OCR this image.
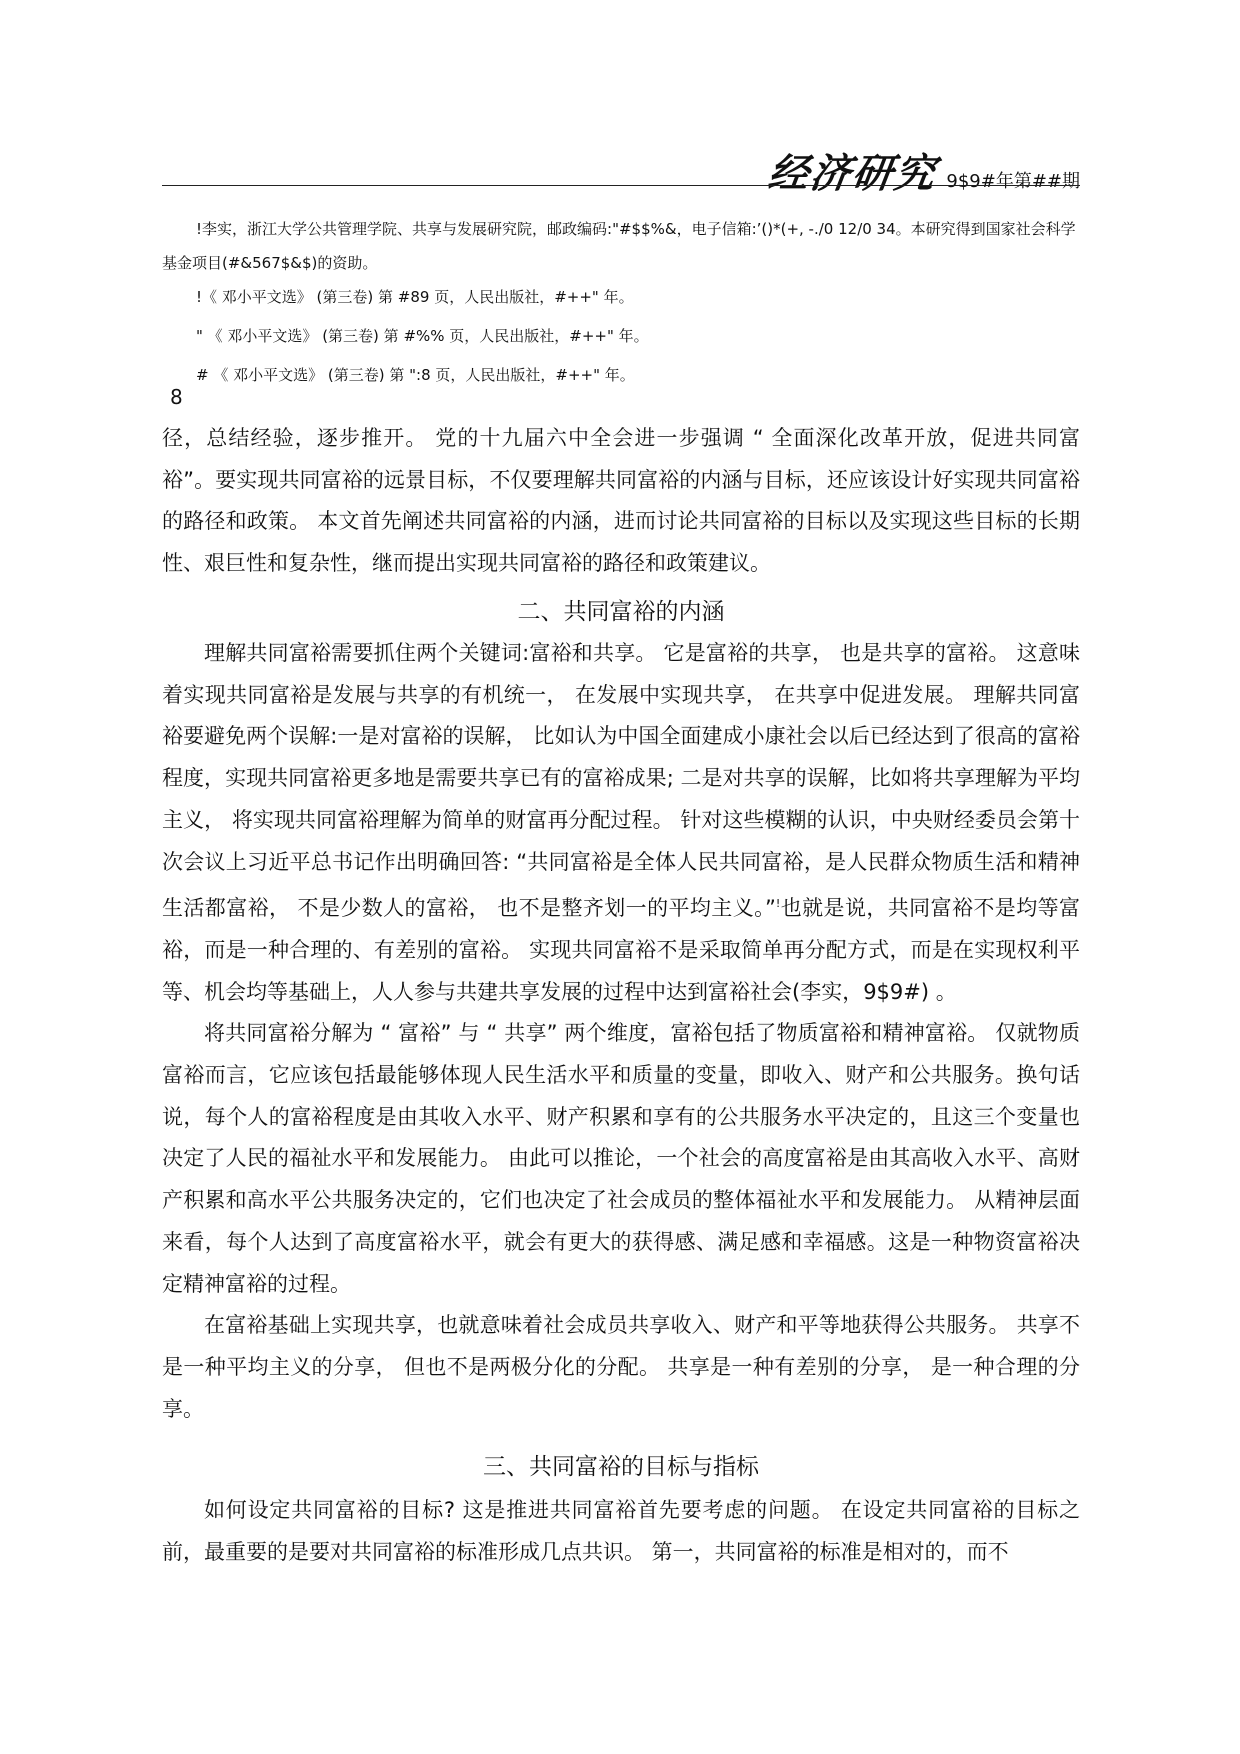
经济研究 9$9#年第##期

!李实，浙江大学公共管理学院、共享与发展研究院，邮政编码:"#$$%&，电子信箱:’()*(+, -./0 12/0 34。本研究得到国家社会科学基金项目(#&567$&$)的资助。

!《 邓小平文选》 (第三卷) 第 #89 页，人民出版社，#++" 年。

" 《 邓小平文选》 (第三卷) 第 #%% 页，人民出版社，#++" 年。

# 《 邓小平文选》 (第三卷) 第 ":8 页，人民出版社，#++" 年。

8

径，总结经验，逐步推开。 党的十九届六中全会进一步强调 “ 全面深化改革开放，促进共同富裕”。要实现共同富裕的远景目标，不仅要理解共同富裕的内涵与目标，还应该设计好实现共同富裕的路径和政策。 本文首先阐述共同富裕的内涵，进而讨论共同富裕的目标以及实现这些目标的长期性、艰巨性和复杂性，继而提出实现共同富裕的路径和政策建议。

二、共同富裕的内涵

理解共同富裕需要抓住两个关键词:富裕和共享。 它是富裕的共享， 也是共享的富裕。 这意味着实现共同富裕是发展与共享的有机统一， 在发展中实现共享， 在共享中促进发展。 理解共同富裕要避免两个误解:一是对富裕的误解， 比如认为中国全面建成小康社会以后已经达到了很高的富裕程度，实现共同富裕更多地是需要共享已有的富裕成果; 二是对共享的误解，比如将共享理解为平均主义， 将实现共同富裕理解为简单的财富再分配过程。 针对这些模糊的认识，中央财经委员会第十次会议上习近平总书记作出明确回答: “共同富裕是全体人民共同富裕，是人民群众物质生活和精神生活都富裕， 不是少数人的富裕， 也不是整齐划一的平均主义。”!也就是说，共同富裕不是均等富裕，而是一种合理的、有差别的富裕。 实现共同富裕不是采取简单再分配方式，而是在实现权利平等、机会均等基础上，人人参与共建共享发展的过程中达到富裕社会(李实，9$9#) 。

将共同富裕分解为 “ 富裕” 与 “ 共享” 两个维度，富裕包括了物质富裕和精神富裕。 仅就物质富裕而言，它应该包括最能够体现人民生活水平和质量的变量，即收入、财产和公共服务。换句话说，每个人的富裕程度是由其收入水平、财产积累和享有的公共服务水平决定的，且这三个变量也决定了人民的福祉水平和发展能力。 由此可以推论，一个社会的高度富裕是由其高收入水平、高财产积累和高水平公共服务决定的，它们也决定了社会成员的整体福祉水平和发展能力。 从精神层面来看，每个人达到了高度富裕水平，就会有更大的获得感、满足感和幸福感。这是一种物资富裕决定精神富裕的过程。

在富裕基础上实现共享，也就意味着社会成员共享收入、财产和平等地获得公共服务。 共享不是一种平均主义的分享， 但也不是两极分化的分配。 共享是一种有差别的分享， 是一种合理的分享。

三、共同富裕的目标与指标

如何设定共同富裕的目标? 这是推进共同富裕首先要考虑的问题。 在设定共同富裕的目标之前，最重要的是要对共同富裕的标准形成几点共识。 第一，共同富裕的标准是相对的，而不
